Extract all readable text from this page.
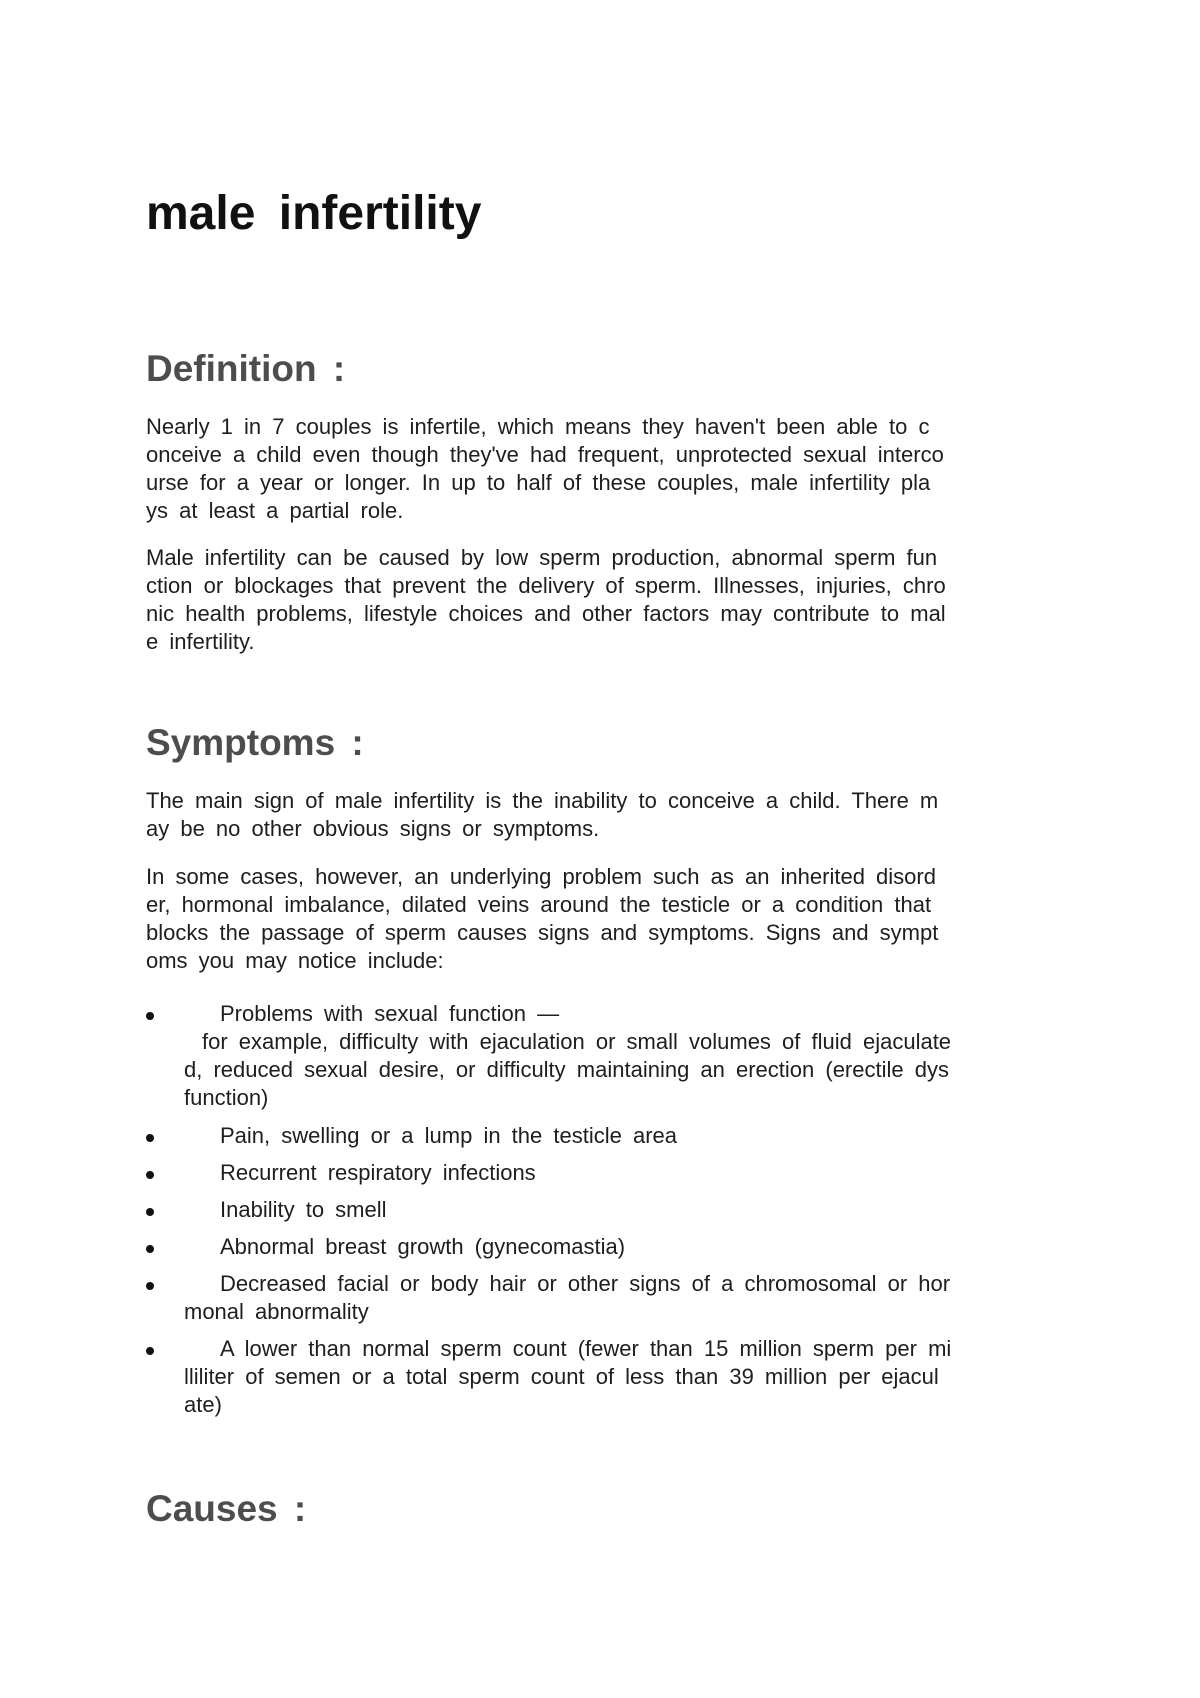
male infertility
Definition :

Nearly 1 in 7 couples is infertile, which means they haven't been able to c
onceive a child even though they've had frequent, unprotected sexual interco
urse for a year or longer. In up to half of these couples, male infertility pla
ys at least a partial role.

Male infertility can be caused by low sperm production, abnormal sperm fun
ction or blockages that prevent the delivery of sperm. Illnesses, injuries, chro
nic health problems, lifestyle choices and other factors may contribute to mal
e infertility.

Symptoms :

The main sign of male infertility is the inability to conceive a child. There m
ay be no other obvious signs or symptoms.

In some cases, however, an underlying problem such as an inherited disord
er, hormonal imbalance, dilated veins around the testicle or a condition that
blocks the passage of sperm causes signs and symptoms. Signs and sympt
oms you may notice include:

Problems with sexual function —
for example, difficulty with ejaculation or small volumes of fluid ejaculate
d, reduced sexual desire, or difficulty maintaining an erection (erectile dys
function)
Pain, swelling or a lump in the testicle area
Recurrent respiratory infections
Inability to smell
Abnormal breast growth (gynecomastia)
Decreased facial or body hair or other signs of a chromosomal or hor
monal abnormality
A lower than normal sperm count (fewer than 15 million sperm per mi
lliliter of semen or a total sperm count of less than 39 million per ejacul
ate)
Causes :
